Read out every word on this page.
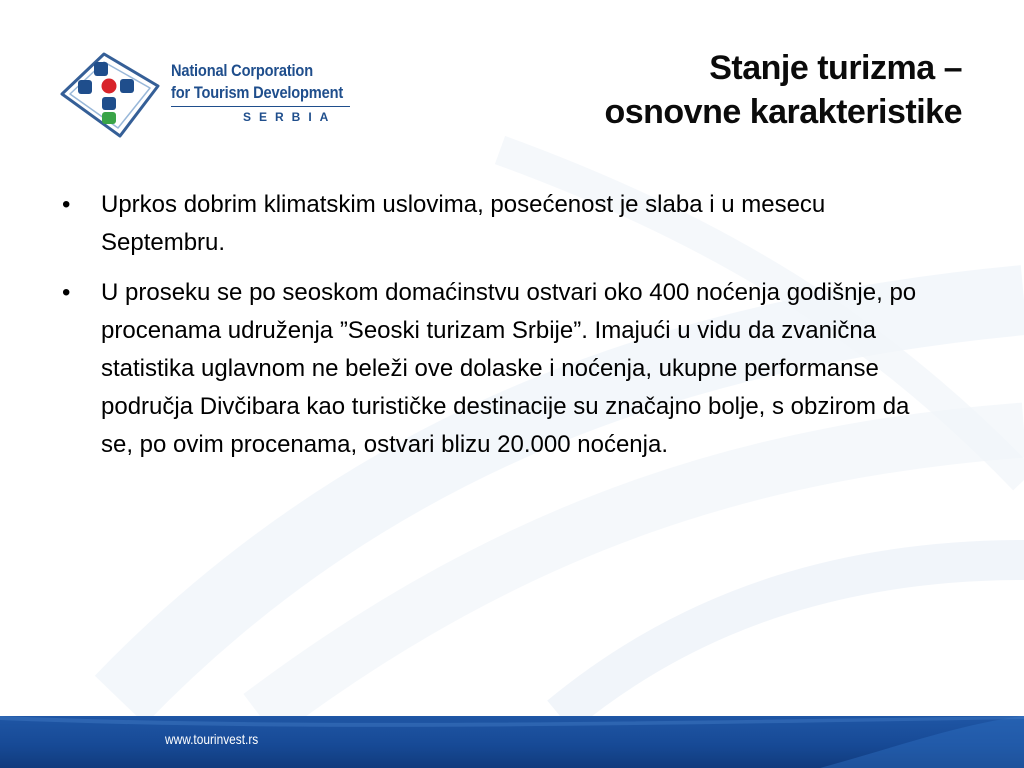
National Corporation
for Tourism Development
SERBIA
Stanje turizma –
osnovne karakteristike
•	Uprkos dobrim klimatskim uslovima, posećenost je slaba i u mesecu Septembru.
•	U proseku se po seoskom domaćinstvu ostvari oko 400 noćenja godišnje, po procenama udruženja ”Seoski turizam Srbije”. Imajući u vidu da zvanična statistika uglavnom ne beleži ove dolaske i noćenja, ukupne performanse područja Divčibara kao turističke destinacije su značajno bolje, s obzirom da se, po ovim procenama, ostvari blizu 20.000 noćenja.
www.tourinvest.rs
